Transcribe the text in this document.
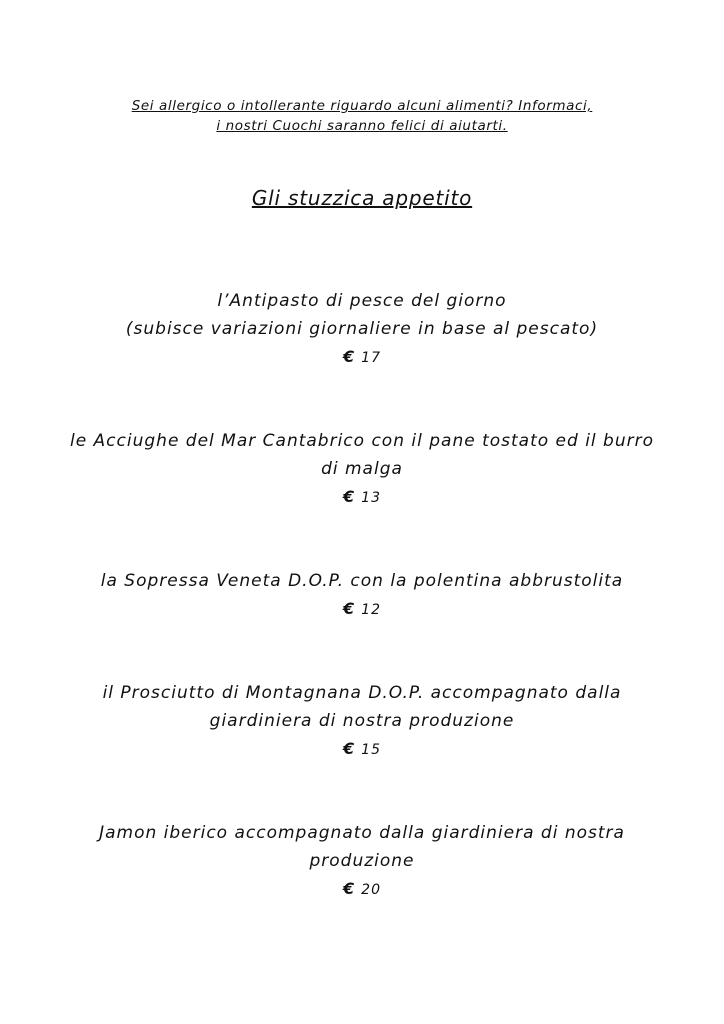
Sei allergico o intollerante riguardo alcuni alimenti? Informaci,
i nostri Cuochi saranno felici di aiutarti.
Gli stuzzica appetito
l’Antipasto di pesce del giorno
(subisce variazioni giornaliere in base al pescato)
€ 17
le Acciughe del Mar Cantabrico con il pane tostato ed il burro
di malga
€ 13
la Sopressa Veneta D.O.P. con la polentina abbrustolita
€ 12
il Prosciutto di Montagnana D.O.P. accompagnato dalla
giardiniera di nostra produzione
€ 15
Jamon iberico accompagnato dalla giardiniera di nostra
produzione
€ 20
